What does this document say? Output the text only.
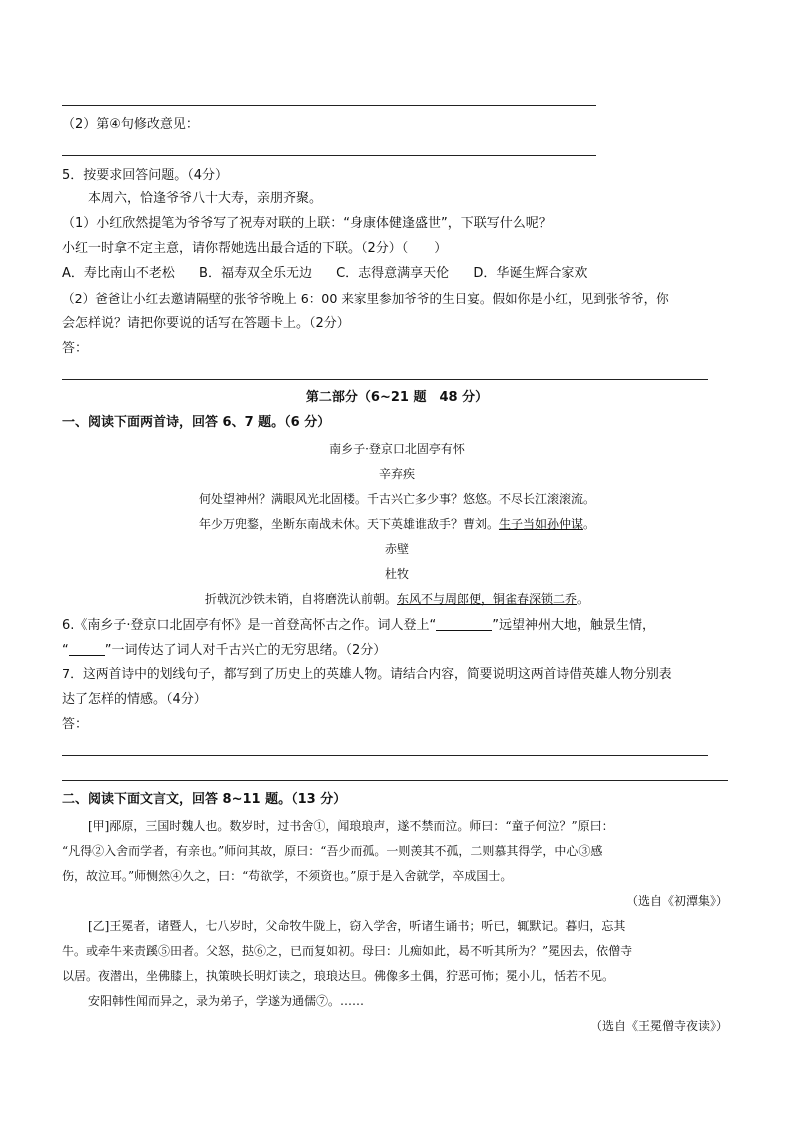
（2）第④句修改意见：
5．按要求回答问题。（4分）
本周六，恰逢爷爷八十大寿，亲朋齐聚。
（1）小红欣然提笔为爷爷写了祝寿对联的上联：“身康体健逢盛世”，下联写什么呢？
小红一时拿不定主意，请你帮她选出最合适的下联。（2分）（　　）
A．寿比南山不老松 B．福寿双全乐无边 C．志得意满享天伦 D．华诞生辉合家欢
（2）爸爸让小红去邀请隔壁的张爷爷晚上 6：00 来家里参加爷爷的生日宴。假如你是小红，见到张爷爷，你
会怎样说？请把你要说的话写在答题卡上。（2分）
答：
第二部分（6~21 题　48 分）
一、阅读下面两首诗，回答 6、7 题。（6 分）
南乡子·登京口北固亭有怀
辛弃疾
何处望神州？满眼风光北固楼。千古兴亡多少事？悠悠。不尽长江滚滚流。
年少万兜鍪，坐断东南战未休。天下英雄谁敌手？曹刘。生子当如孙仲谋。
赤壁
杜牧
折戟沉沙铁未销，自将磨洗认前朝。东风不与周郎便，铜雀春深锁二乔。
6.《南乡子·登京口北固亭有怀》是一首登高怀古之作。词人登上“	”远望神州大地，触景生情，
“	”一词传达了词人对千古兴亡的无穷思绪。（2分）
7．这两首诗中的划线句子，都写到了历史上的英雄人物。请结合内容，简要说明这两首诗借英雄人物分别表
达了怎样的情感。（4分）
答：
二、阅读下面文言文，回答 8~11 题。（13 分）
[甲]邴原，三国时魏人也。数岁时，过书舍①，闻琅琅声，遂不禁而泣。师曰：“童子何泣？”原曰：
“凡得②入舍而学者，有亲也。”师问其故，原曰：“吾少而孤。一则羡其不孤，二则慕其得学，中心③感
伤，故泣耳。”师恻然④久之，曰：“苟欲学，不须资也。”原于是入舍就学，卒成国士。
（选自《初潭集》）
[乙]王冕者，诸暨人，七八岁时，父命牧牛陇上，窃入学舍，听诸生诵书；听已，辄默记。暮归，忘其
牛。或牵牛来责蹊⑤田者。父怒，挞⑥之，已而复如初。母曰：儿痴如此，曷不听其所为？”冕因去，依僧寺
以居。夜潜出，坐佛膝上，执策映长明灯读之，琅琅达旦。佛像多土偶，狞恶可怖；冕小儿，恬若不见。
安阳韩性闻而异之，录为弟子，学遂为通儒⑦。……
（选自《王冕僧寺夜读》）
